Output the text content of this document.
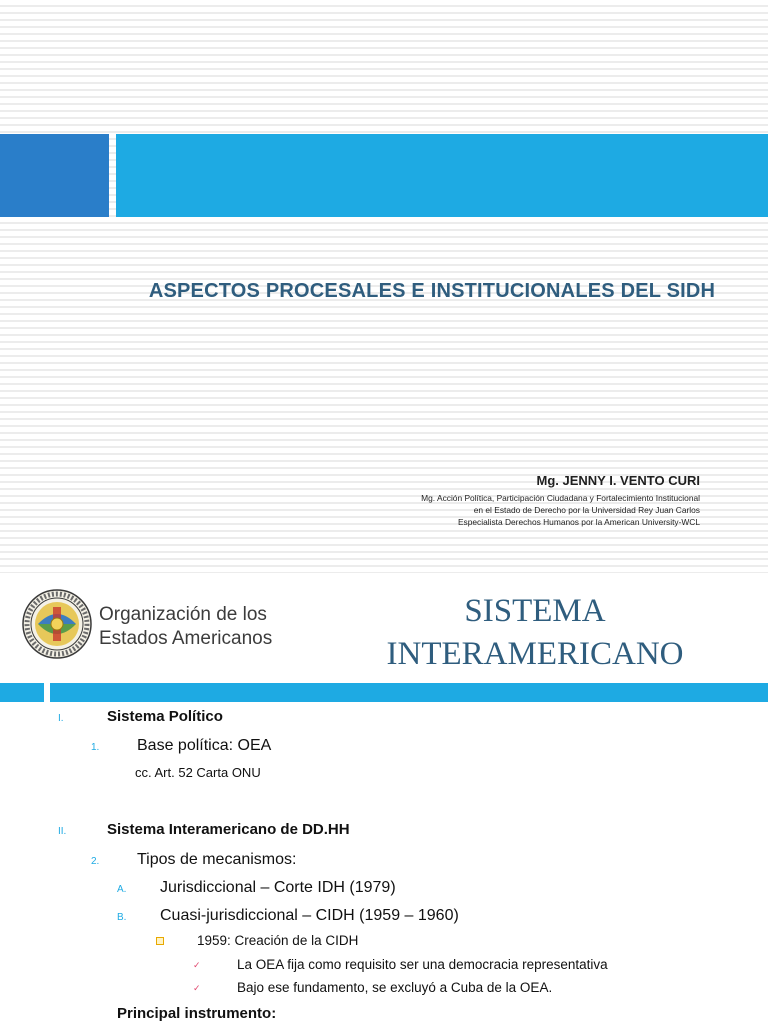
ASPECTOS PROCESALES E INSTITUCIONALES DEL SIDH
Mg. JENNY I. VENTO CURI
Mg. Acción Política, Participación Ciudadana y Fortalecimiento Institucional
en el Estado de Derecho por la Universidad Rey Juan Carlos
Especialista Derechos Humanos por la American University-WCL
Organización de los
Estados Americanos
SISTEMA
INTERAMERICANO
I.	Sistema Político
1. Base política: OEA
cc. Art. 52 Carta ONU
II.	Sistema Interamericano de DD.HH
2. Tipos de mecanismos:
A. Jurisdiccional – Corte IDH (1979)
B. Cuasi-jurisdiccional – CIDH (1959 – 1960)
1959: Creación de la CIDH
✓	La OEA fija como requisito ser una democracia representativa
✓	Bajo ese fundamento, se excluyó a Cuba de la OEA.
Principal instrumento:
